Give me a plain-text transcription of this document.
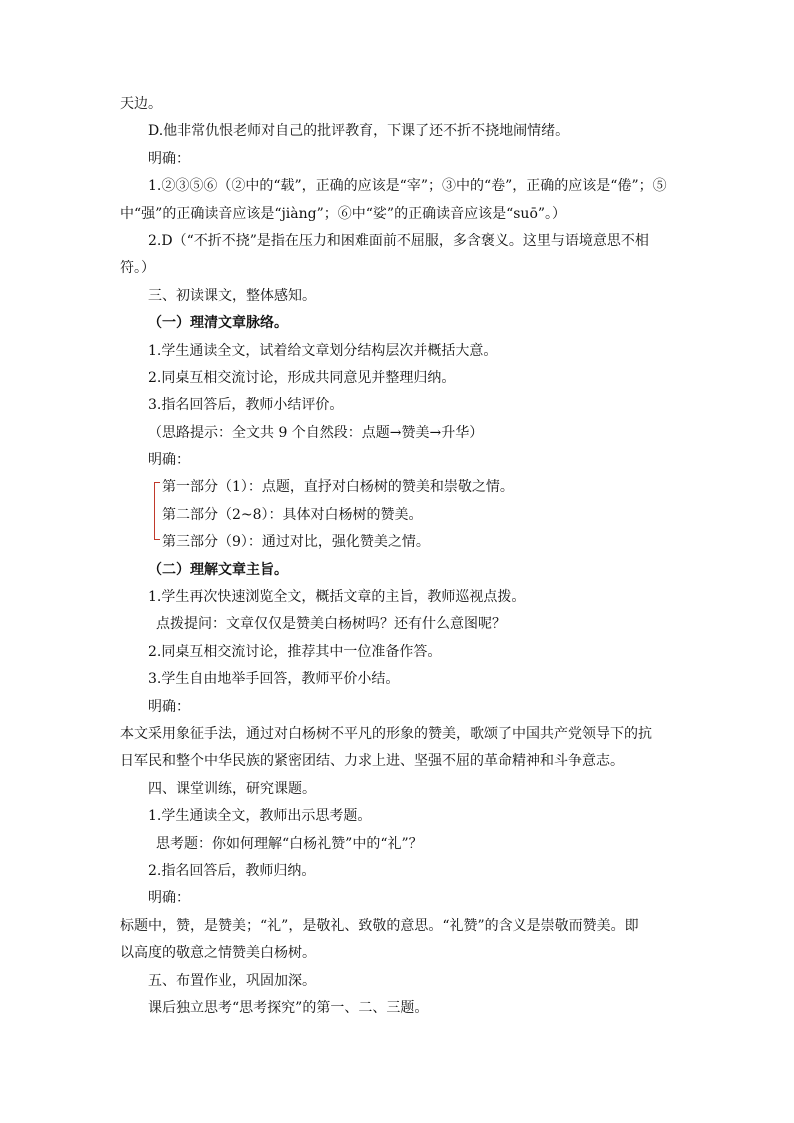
天边。
D.他非常仇恨老师对自己的批评教育，下课了还不折不挠地闹情绪。
明确：
1.②③⑤⑥（②中的“载”，正确的应该是“宰”；③中的“卷”，正确的应该是“倦”；⑤
中“强”的正确读音应该是“jiàng”；⑥中“娑”的正确读音应该是“suō”。）
2.D（“不折不挠”是指在压力和困难面前不屈服，多含褒义。这里与语境意思不相
符。）
三、初读课文，整体感知。
（一）理清文章脉络。
1.学生通读全文，试着给文章划分结构层次并概括大意。
2.同桌互相交流讨论，形成共同意见并整理归纳。
3.指名回答后，教师小结评价。
（思路提示：全文共 9 个自然段：点题→赞美→升华）
明确：
第一部分（1）：点题，直抒对白杨树的赞美和崇敬之情。
第二部分（2~8）：具体对白杨树的赞美。
第三部分（9）：通过对比，强化赞美之情。
（二）理解文章主旨。
1.学生再次快速浏览全文，概括文章的主旨，教师巡视点拨。
点拨提问：文章仅仅是赞美白杨树吗？还有什么意图呢？
2.同桌互相交流讨论，推荐其中一位准备作答。
3.学生自由地举手回答，教师平价小结。
明确：
本文采用象征手法，通过对白杨树不平凡的形象的赞美，歌颂了中国共产党领导下的抗
日军民和整个中华民族的紧密团结、力求上进、坚强不屈的革命精神和斗争意志。
四、课堂训练，研究课题。
1.学生通读全文，教师出示思考题。
思考题：你如何理解“白杨礼赞”中的“礼”？
2.指名回答后，教师归纳。
明确：
标题中，赞，是赞美；“礼”，是敬礼、致敬的意思。“礼赞”的含义是崇敬而赞美。即
以高度的敬意之情赞美白杨树。
五、布置作业，巩固加深。
课后独立思考“思考探究”的第一、二、三题。
